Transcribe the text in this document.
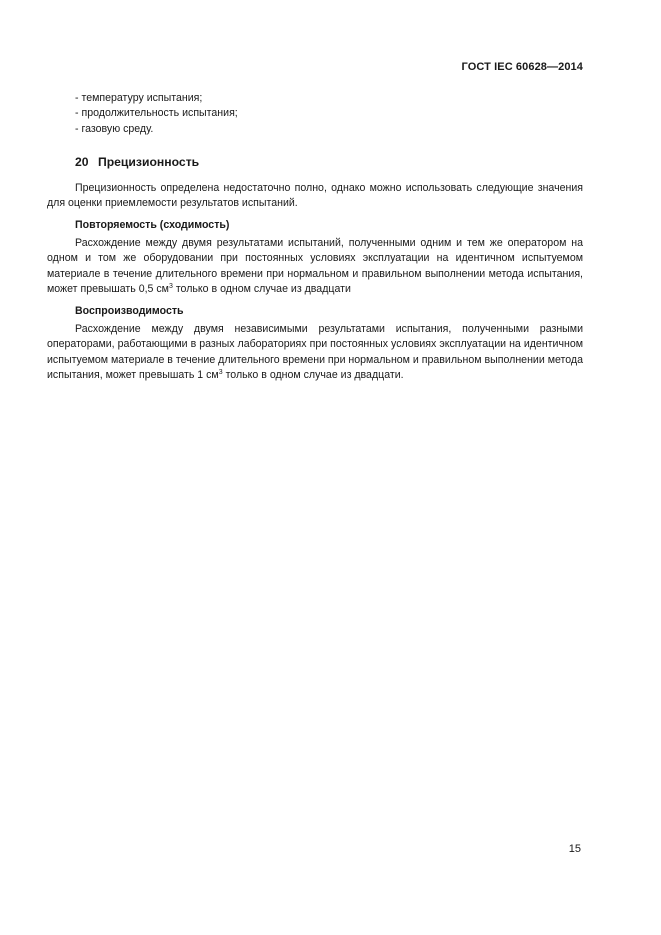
ГОСТ IEC 60628—2014

- температуру испытания;

- продолжительность испытания;

- газовую среду.

20 Прецизионность

Прецизионность определена недостаточно полно, однако можно использовать следующие значения для оценки приемлемости результатов испытаний.

Повторяемость (сходимость)

Расхождение между двумя результатами испытаний, полученными одним и тем же оператором на одном и том же оборудовании при постоянных условиях эксплуатации на идентичном испытуемом материале в течение длительного времени при нормальном и правильном выполнении метода испытания, может превышать 0,5 $см^3$ только в одном случае из двадцати

Воспроизводимость

Расхождение между двумя независимыми результатами испытания, полученными разными операторами, работающими в разных лабораториях при постоянных условиях эксплуатации на идентичном испытуемом материале в течение длительного времени при нормальном и правильном выполнении метода испытания, может превышать 1 $см^3$ только в одном случае из двадцати.

15
